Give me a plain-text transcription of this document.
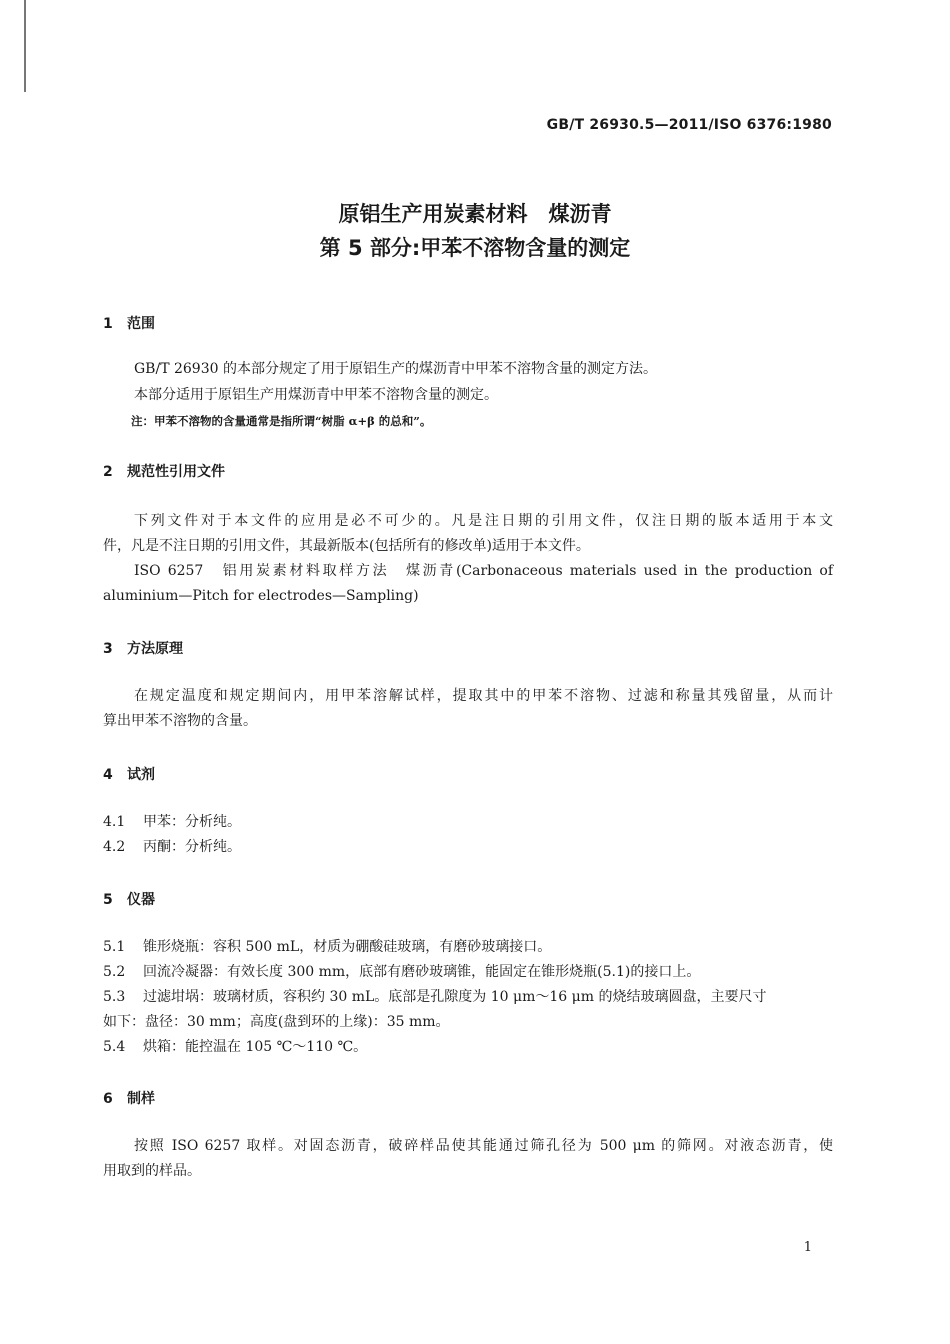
GB/T 26930.5—2011/ISO 6376:1980
原铝生产用炭素材料　煤沥青
第 5 部分:甲苯不溶物含量的测定
1 范围
GB/T 26930 的本部分规定了用于原铝生产的煤沥青中甲苯不溶物含量的测定方法。
本部分适用于原铝生产用煤沥青中甲苯不溶物含量的测定。
注：甲苯不溶物的含量通常是指所谓“树脂 α+β 的总和”。
2 规范性引用文件
下列文件对于本文件的应用是必不可少的。凡是注日期的引用文件，仅注日期的版本适用于本文
件，凡是不注日期的引用文件，其最新版本(包括所有的修改单)适用于本文件。
ISO 6257　铝用炭素材料取样方法　煤沥青(Carbonaceous materials used in the production of
aluminium—Pitch for electrodes—Sampling)
3 方法原理
在规定温度和规定期间内，用甲苯溶解试样，提取其中的甲苯不溶物、过滤和称量其残留量，从而计
算出甲苯不溶物的含量。
4 试剂
4.1 甲苯：分析纯。
4.2 丙酮：分析纯。
5 仪器
5.1 锥形烧瓶：容积 500 mL，材质为硼酸硅玻璃，有磨砂玻璃接口。
5.2 回流冷凝器：有效长度 300 mm，底部有磨砂玻璃锥，能固定在锥形烧瓶(5.1)的接口上。
5.3 过滤坩埚：玻璃材质，容积约 30 mL。底部是孔隙度为 10 μm～16 μm 的烧结玻璃圆盘，主要尺寸
如下：盘径：30 mm；高度(盘到环的上缘)：35 mm。
5.4 烘箱：能控温在 105 ℃～110 ℃。
6 制样
按照 ISO 6257 取样。对固态沥青，破碎样品使其能通过筛孔径为 500 μm 的筛网。对液态沥青，使
用取到的样品。
1
